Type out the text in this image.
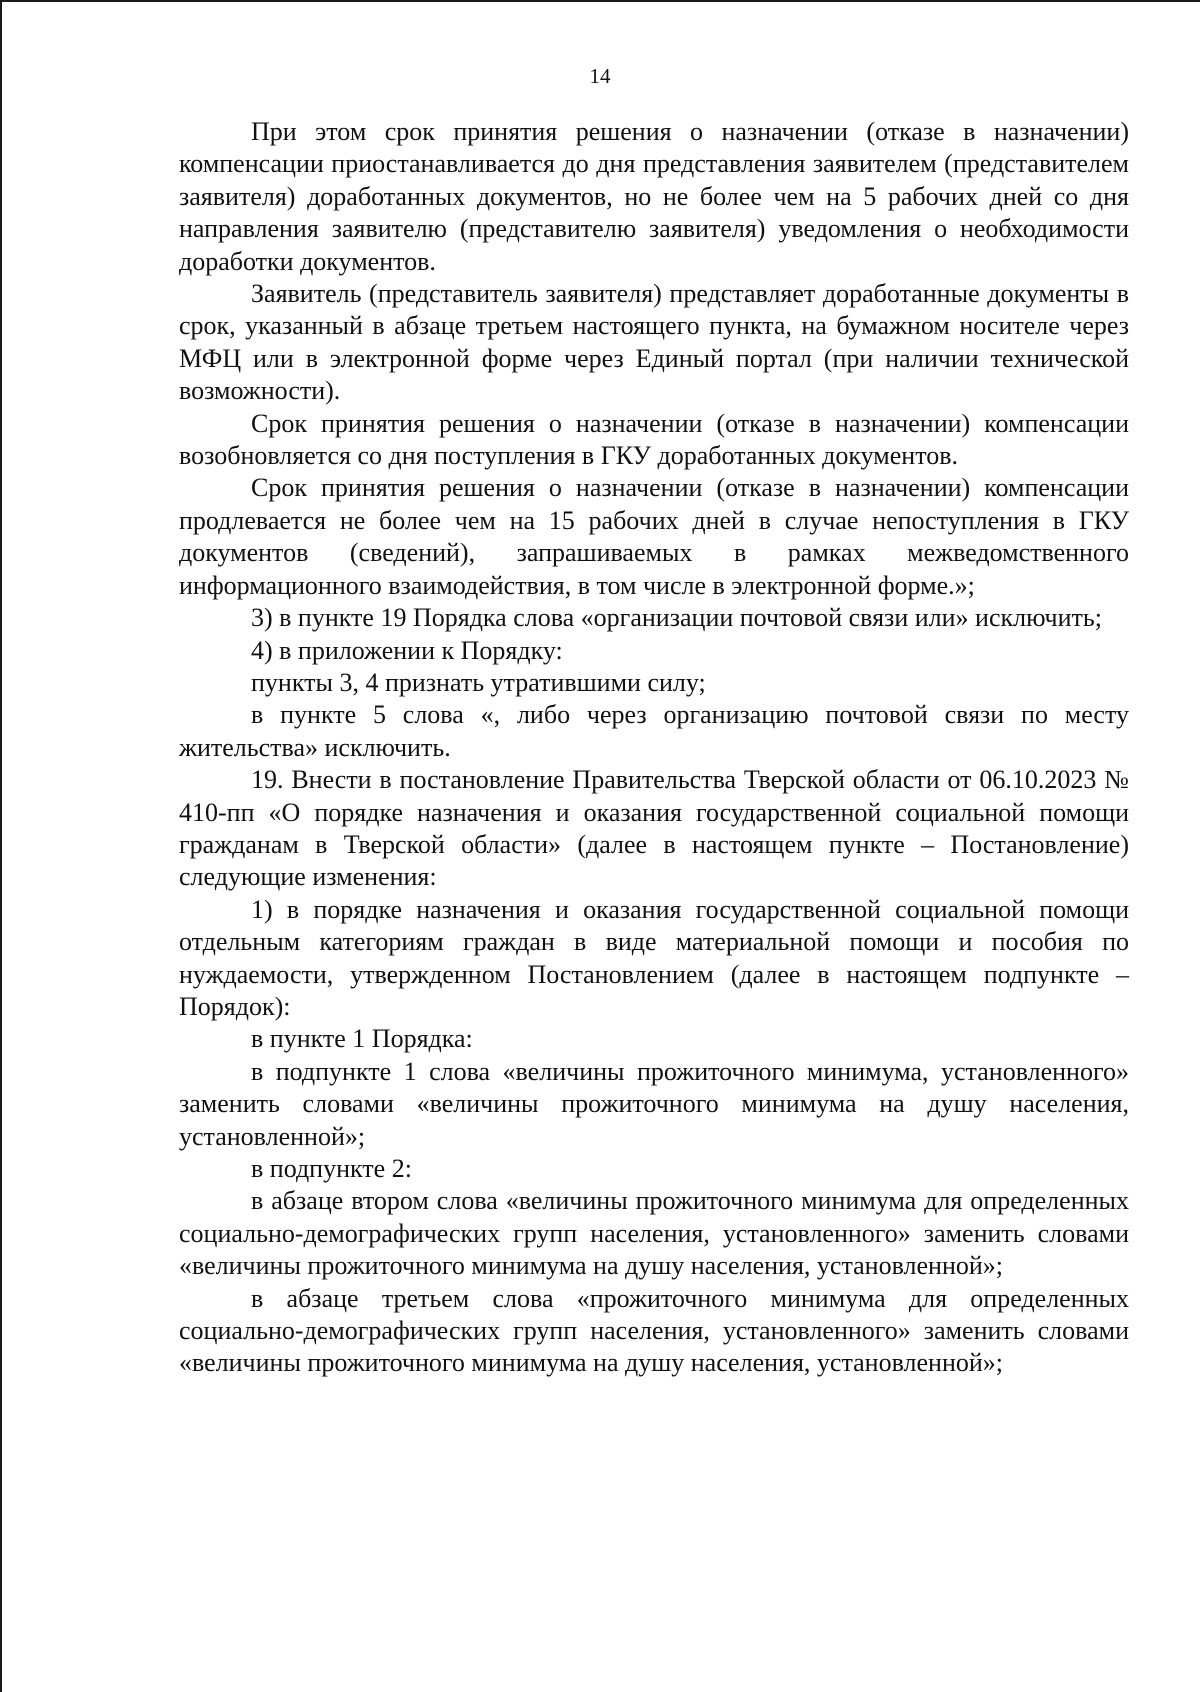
14

При этом срок принятия решения о назначении (отказе в назначении) компенсации приостанавливается до дня представления заявителем (представителем заявителя) доработанных документов, но не более чем на 5 рабочих дней со дня направления заявителю (представителю заявителя) уведомления о необходимости доработки документов.

Заявитель (представитель заявителя) представляет доработанные документы в срок, указанный в абзаце третьем настоящего пункта, на бумажном носителе через МФЦ или в электронной форме через Единый портал (при наличии технической возможности).

Срок принятия решения о назначении (отказе в назначении) компенсации возобновляется со дня поступления в ГКУ доработанных документов.

Срок принятия решения о назначении (отказе в назначении) компенсации продлевается не более чем на 15 рабочих дней в случае непоступления в ГКУ документов (сведений), запрашиваемых в рамках межведомственного информационного взаимодействия, в том числе в электронной форме.»;

3) в пункте 19 Порядка слова «организации почтовой связи или» исключить;

4) в приложении к Порядку:

пункты 3, 4 признать утратившими силу;

в пункте 5 слова «, либо через организацию почтовой связи по месту жительства» исключить.

19. Внести в постановление Правительства Тверской области от 06.10.2023 № 410-пп «О порядке назначения и оказания государственной социальной помощи гражданам в Тверской области» (далее в настоящем пункте – Постановление) следующие изменения:

1) в порядке назначения и оказания государственной социальной помощи отдельным категориям граждан в виде материальной помощи и пособия по нуждаемости, утвержденном Постановлением (далее в настоящем подпункте – Порядок):

в пункте 1 Порядка:

в подпункте 1 слова «величины прожиточного минимума, установленного» заменить словами «величины прожиточного минимума на душу населения, установленной»;

в подпункте 2:

в абзаце втором слова «величины прожиточного минимума для определенных социально-демографических групп населения, установленного» заменить словами «величины прожиточного минимума на душу населения, установленной»;

в абзаце третьем слова «прожиточного минимума для определенных социально-демографических групп населения, установленного» заменить словами «величины прожиточного минимума на душу населения, установленной»;
